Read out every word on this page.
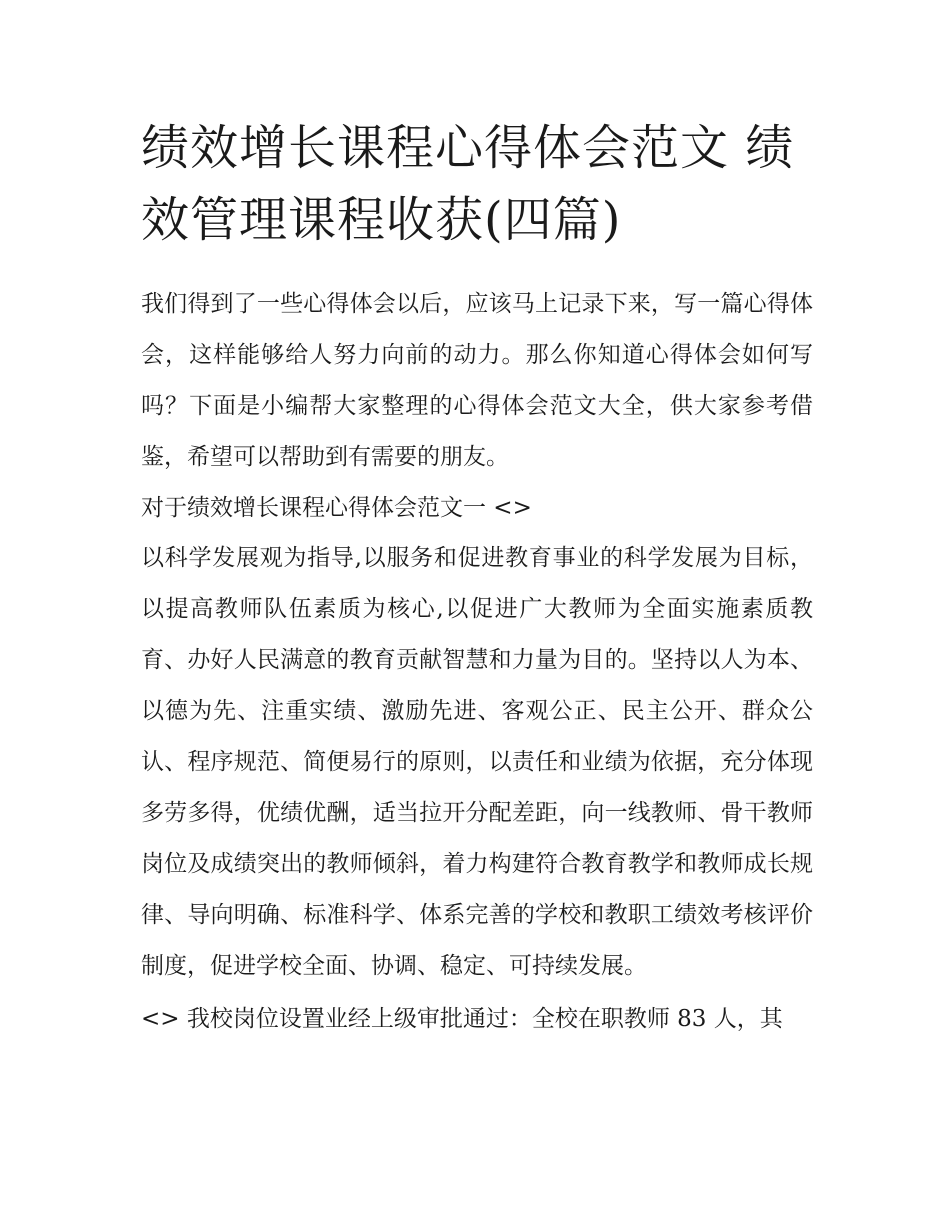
绩效增长课程心得体会范文 绩效管理课程收获(四篇)

我们得到了一些心得体会以后，应该马上记录下来，写一篇心得体会，这样能够给人努力向前的动力。那么你知道心得体会如何写吗？下面是小编帮大家整理的心得体会范文大全，供大家参考借鉴，希望可以帮助到有需要的朋友。

对于绩效增长课程心得体会范文一 <>

以科学发展观为指导,以服务和促进教育事业的科学发展为目标，以提高教师队伍素质为核心,以促进广大教师为全面实施素质教育、办好人民满意的教育贡献智慧和力量为目的。坚持以人为本、以德为先、注重实绩、激励先进、客观公正、民主公开、群众公认、程序规范、简便易行的原则，以责任和业绩为依据，充分体现多劳多得，优绩优酬，适当拉开分配差距，向一线教师、骨干教师岗位及成绩突出的教师倾斜，着力构建符合教育教学和教师成长规律、导向明确、标准科学、体系完善的学校和教职工绩效考核评价制度，促进学校全面、协调、稳定、可持续发展。

<> 我校岗位设置业经上级审批通过：全校在职教师 83 人，其
